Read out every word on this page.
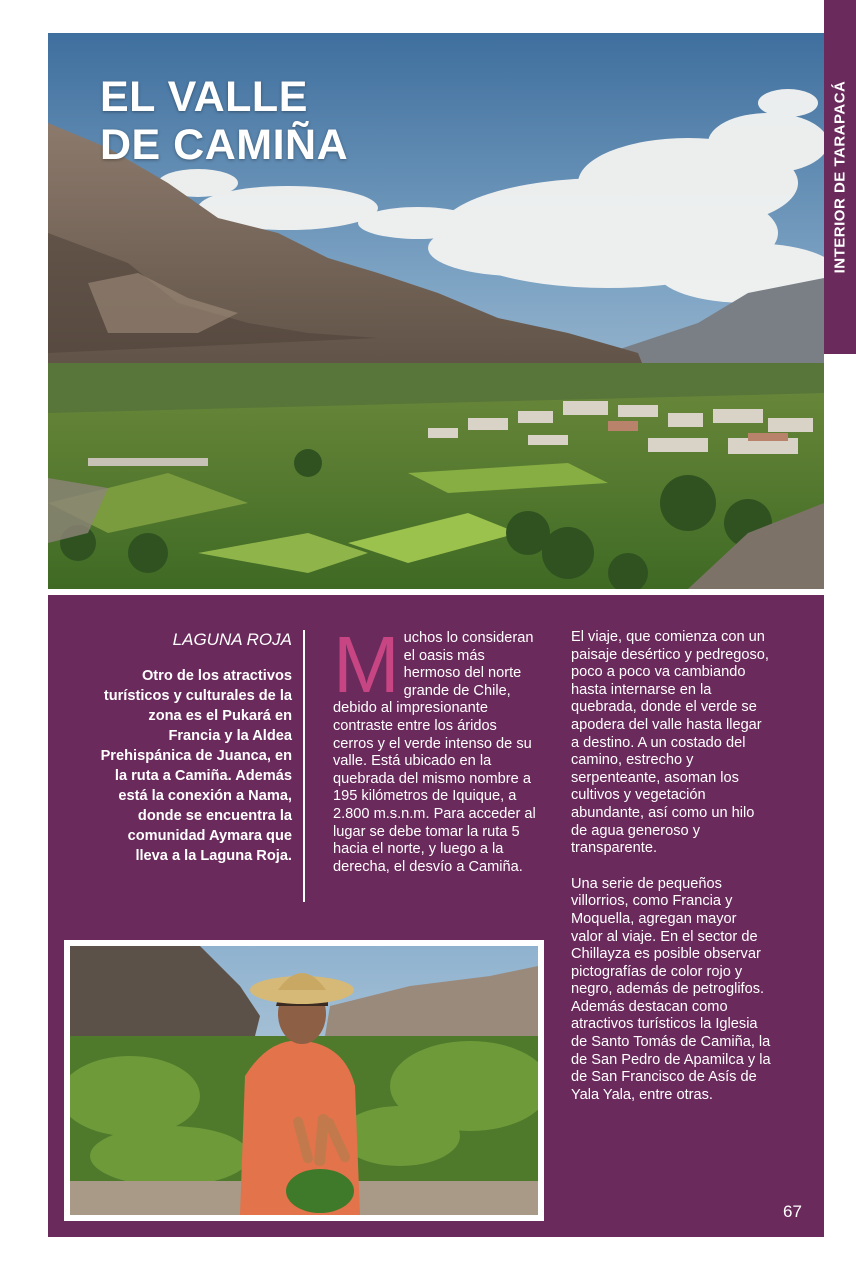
INTERIOR DE TARAPACÁ
EL VALLE
DE CAMIÑA
LAGUNA ROJA

Otro de los atractivos turísticos y culturales de la zona es el Pukará en Francia y la Aldea Prehispánica de Juanca, en la ruta a Camiña. Además está la conexión a Nama, donde se encuentra la comunidad Aymara que lleva a la Laguna Roja.

M uchos lo consideran el oasis más hermoso del norte grande de Chile, debido al impresionante contraste entre los áridos cerros y el verde intenso de su valle. Está ubicado en la quebrada del mismo nombre a 195 kilómetros de Iquique, a 2.800 m.s.n.m. Para acceder al lugar se debe tomar la ruta 5 hacia el norte, y luego a la derecha, el desvío a Camiña.

El viaje, que comienza con un paisaje desértico y pedregoso, poco a poco va cambiando hasta internarse en la quebrada, donde el verde se apodera del valle hasta llegar a destino. A un costado del camino, estrecho y serpenteante, asoman los cultivos y vegetación abundante, así como un hilo de agua generoso y transparente.

Una serie de pequeños villorrios, como Francia y Moquella, agregan mayor valor al viaje. En el sector de Chillayza es posible observar pictografías de color rojo y negro, además de petroglifos. Además destacan como atractivos turísticos la Iglesia de Santo Tomás de Camiña, la de San Pedro de Apamilca y la de San Francisco de Asís de Yala Yala, entre otras.

Guía Turística de Tarapacá
67
